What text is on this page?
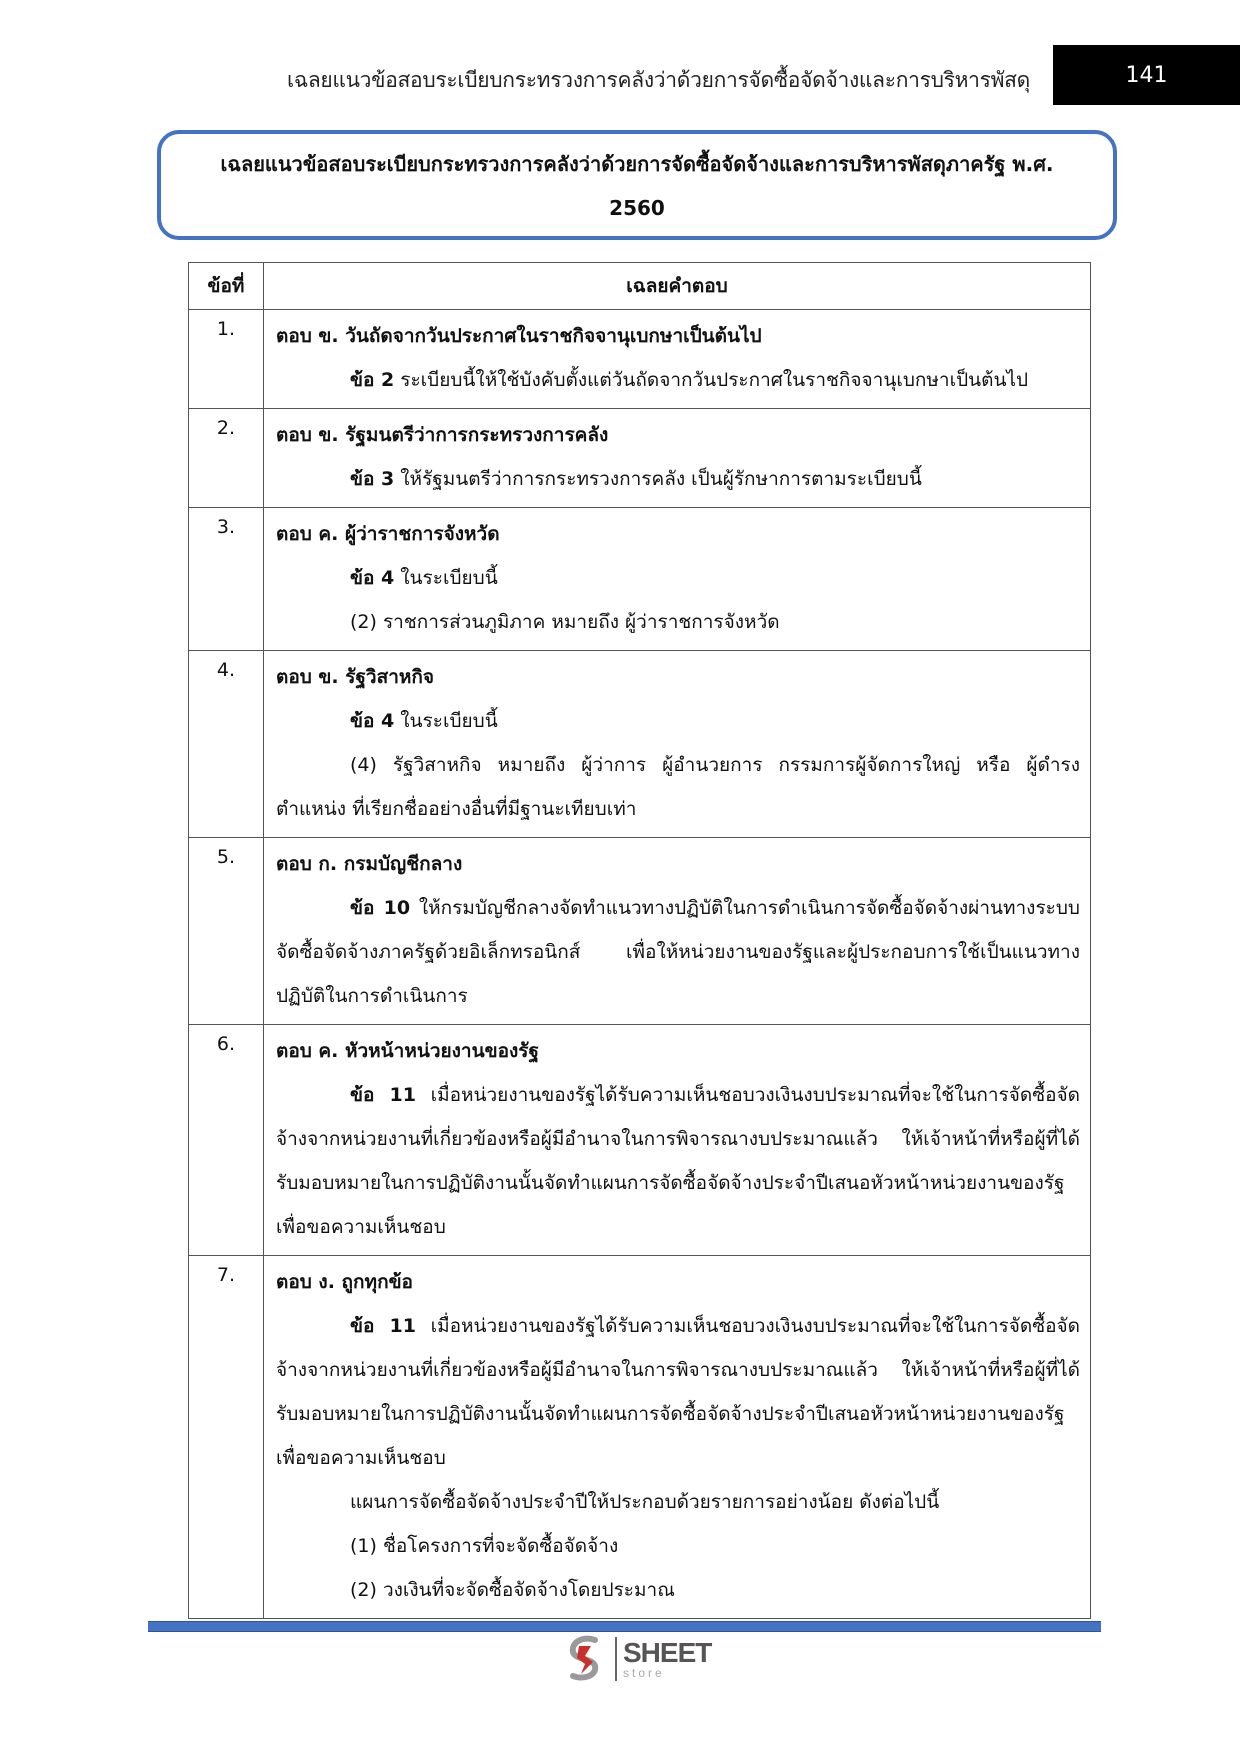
เฉลยแนวข้อสอบระเบียบกระทรวงการคลังว่าด้วยการจัดซื้อจัดจ้างและการบริหารพัสดุ	141
เฉลยแนวข้อสอบระเบียบกระทรวงการคลังว่าด้วยการจัดซื้อจัดจ้างและการบริหารพัสดุภาครัฐ พ.ศ.
2560
ข้อที่	เฉลยคำตอบ
1.	ตอบ ข. วันถัดจากวันประกาศในราชกิจจานุเบกษาเป็นต้นไป
ข้อ 2 ระเบียบนี้ให้ใช้บังคับตั้งแต่วันถัดจากวันประกาศในราชกิจจานุเบกษาเป็นต้นไป

2.	ตอบ ข. รัฐมนตรีว่าการกระทรวงการคลัง
ข้อ 3 ให้รัฐมนตรีว่าการกระทรวงการคลัง เป็นผู้รักษาการตามระเบียบนี้

3.	ตอบ ค. ผู้ว่าราชการจังหวัด
ข้อ 4 ในระเบียบนี้
(2) ราชการส่วนภูมิภาค หมายถึง ผู้ว่าราชการจังหวัด

4.	ตอบ ข. รัฐวิสาหกิจ
ข้อ 4 ในระเบียบนี้
(4) รัฐวิสาหกิจ หมายถึง ผู้ว่าการ ผู้อำนวยการ กรรมการผู้จัดการใหญ่ หรือ ผู้ดำรงตำแหน่ง ที่เรียกชื่ออย่างอื่นที่มีฐานะเทียบเท่า

5.	ตอบ ก. กรมบัญชีกลาง
ข้อ 10 ให้กรมบัญชีกลางจัดทำแนวทางปฏิบัติในการดำเนินการจัดซื้อจัดจ้างผ่านทางระบบจัดซื้อจัดจ้างภาครัฐด้วยอิเล็กทรอนิกส์ เพื่อให้หน่วยงานของรัฐและผู้ประกอบการใช้เป็นแนวทางปฏิบัติในการดำเนินการ

6.	ตอบ ค. หัวหน้าหน่วยงานของรัฐ
ข้อ 11 เมื่อหน่วยงานของรัฐได้รับความเห็นชอบวงเงินงบประมาณที่จะใช้ในการจัดซื้อจัดจ้างจากหน่วยงานที่เกี่ยวข้องหรือผู้มีอำนาจในการพิจารณางบประมาณแล้ว ให้เจ้าหน้าที่หรือผู้ที่ได้รับมอบหมายในการปฏิบัติงานนั้นจัดทำแผนการจัดซื้อจัดจ้างประจำปีเสนอหัวหน้าหน่วยงานของรัฐเพื่อขอความเห็นชอบ

7.	ตอบ ง. ถูกทุกข้อ
ข้อ 11 เมื่อหน่วยงานของรัฐได้รับความเห็นชอบวงเงินงบประมาณที่จะใช้ในการจัดซื้อจัดจ้างจากหน่วยงานที่เกี่ยวข้องหรือผู้มีอำนาจในการพิจารณางบประมาณแล้ว ให้เจ้าหน้าที่หรือผู้ที่ได้รับมอบหมายในการปฏิบัติงานนั้นจัดทำแผนการจัดซื้อจัดจ้างประจำปีเสนอหัวหน้าหน่วยงานของรัฐเพื่อขอความเห็นชอบ
แผนการจัดซื้อจัดจ้างประจำปีให้ประกอบด้วยรายการอย่างน้อย ดังต่อไปนี้
(1) ชื่อโครงการที่จะจัดซื้อจัดจ้าง
(2) วงเงินที่จะจัดซื้อจัดจ้างโดยประมาณ
SHEET
store
